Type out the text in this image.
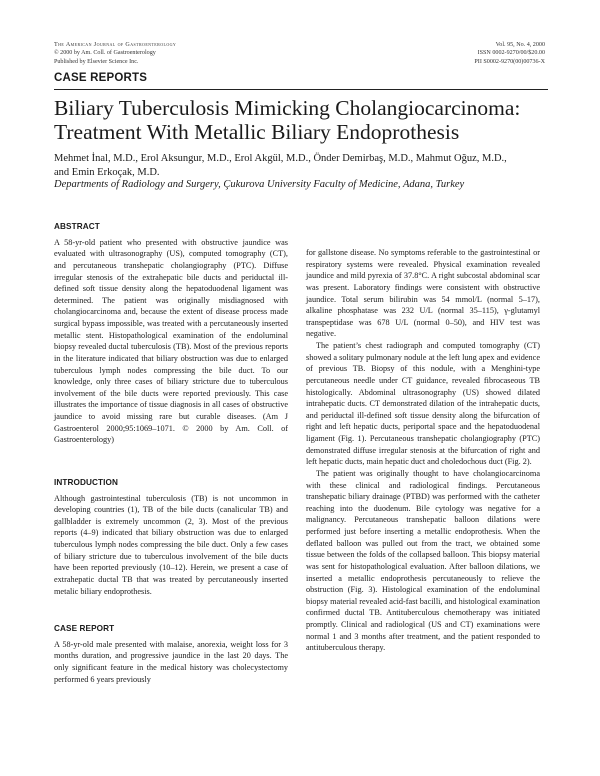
The American Journal of Gastroenterology
© 2000 by Am. Coll. of Gastroenterology
Published by Elsevier Science Inc.
Vol. 95, No. 4, 2000
ISSN 0002-9270/00/$20.00
PII S0002-9270(00)00736-X
CASE REPORTS
Biliary Tuberculosis Mimicking Cholangiocarcinoma:
Treatment With Metallic Biliary Endoprothesis
Mehmet İnal, M.D., Erol Aksungur, M.D., Erol Akgül, M.D., Önder Demirbaş, M.D., Mahmut Oğuz, M.D.,
and Emin Erkoçak, M.D.
Departments of Radiology and Surgery, Çukurova University Faculty of Medicine, Adana, Turkey
ABSTRACT

A 58-yr-old patient who presented with obstructive jaundice was evaluated with ultrasonography (US), computed tomography (CT), and percutaneous transhepatic cholangiography (PTC). Diffuse irregular stenosis of the extrahepatic bile ducts and periductal ill-defined soft tissue density along the hepatoduodenal ligament was determined. The patient was originally misdiagnosed with cholangiocarcinoma and, because the extent of disease process made surgical bypass impossible, was treated with a percutaneously inserted metallic stent. Histopathological examination of the endoluminal biopsy revealed ductal tuberculosis (TB). Most of the previous reports in the literature indicated that biliary obstruction was due to enlarged tuberculous lymph nodes compressing the bile duct. To our knowledge, only three cases of biliary stricture due to tuberculous involvement of the bile ducts were reported previously. This case illustrates the importance of tissue diagnosis in all cases of obstructive jaundice to avoid missing rare but curable diseases. (Am J Gastroenterol 2000;95:1069–1071. © 2000 by Am. Coll. of Gastroenterology)

INTRODUCTION

Although gastrointestinal tuberculosis (TB) is not uncommon in developing countries (1), TB of the bile ducts (canalicular TB) and gallbladder is extremely uncommon (2, 3). Most of the previous reports (4–9) indicated that biliary obstruction was due to enlarged tuberculous lymph nodes compressing the bile duct. Only a few cases of biliary stricture due to tuberculous involvement of the bile ducts have been reported previously (10–12). Herein, we present a case of extrahepatic ductal TB that was treated by percutaneously inserted metalic biliary endoprothesis.

CASE REPORT

A 58-yr-old male presented with malaise, anorexia, weight loss for 3 months duration, and progressive jaundice in the last 20 days. The only significant feature in the medical history was cholecystectomy performed 6 years previously

for gallstone disease. No symptoms referable to the gastrointestinal or respiratory systems were revealed. Physical examination revealed jaundice and mild pyrexia of 37.8°C. A right subcostal abdominal scar was present. Laboratory findings were consistent with obstructive jaundice. Total serum bilirubin was 54 mmol/L (normal 5–17), alkaline phosphatase was 232 U/L (normal 35–115), γ-glutamyl transpeptidase was 678 U/L (normal 0–50), and HIV test was negative.

The patient’s chest radiograph and computed tomography (CT) showed a solitary pulmonary nodule at the left lung apex and evidence of previous TB. Biopsy of this nodule, with a Menghini-type percutaneous needle under CT guidance, revealed fibrocaseous TB histologically. Abdominal ultrasonography (US) showed dilated intrahepatic ducts. CT demonstrated dilation of the intrahepatic ducts, and periductal ill-defined soft tissue density along the bifurcation of right and left hepatic ducts, periportal space and the hepatoduodenal ligament (Fig. 1). Percutaneous transhepatic cholangiography (PTC) demonstrated diffuse irregular stenosis at the bifurcation of right and left hepatic ducts, main hepatic duct and choledochous duct (Fig. 2).

The patient was originally thought to have cholangiocarcinoma with these clinical and radiological findings. Percutaneous transhepatic biliary drainage (PTBD) was performed with the catheter reaching into the duodenum. Bile cytology was negative for a malignancy. Percutaneous transhepatic balloon dilations were performed just before inserting a metallic endoprothesis. When the deflated balloon was pulled out from the tract, we obtained some tissue between the folds of the collapsed balloon. This biopsy material was sent for histopathological evaluation. After balloon dilations, we inserted a metallic endoprothesis percutaneously to relieve the obstruction (Fig. 3). Histological examination of the endoluminal biopsy material revealed acid-fast bacilli, and histological examination confirmed ductal TB. Antituberculous chemotherapy was initiated promptly. Clinical and radiological (US and CT) examinations were normal 1 and 3 months after treatment, and the patient responded to antituberculous therapy.
